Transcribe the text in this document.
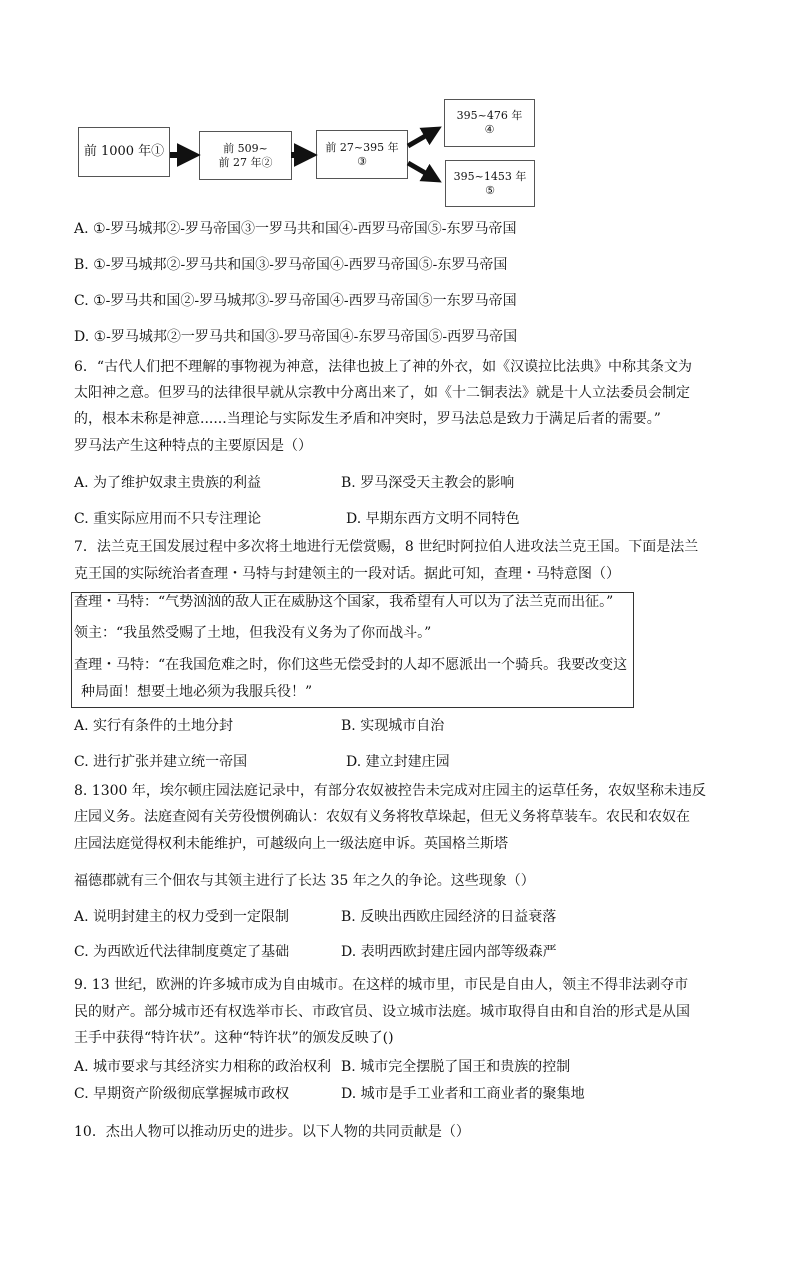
前 1000 年①	前 509~
前 27 年②
前 27~395 年
③
395~476 年
④
395~1453 年
⑤
A. ①-罗马城邦②-罗马帝国③一罗马共和国④-西罗马帝国⑤-东罗马帝国
B. ①-罗马城邦②-罗马共和国③-罗马帝国④-西罗马帝国⑤-东罗马帝国
C. ①-罗马共和国②-罗马城邦③-罗马帝国④-西罗马帝国⑤一东罗马帝国
D. ①-罗马城邦②一罗马共和国③-罗马帝国④-东罗马帝国⑤-西罗马帝国
6．“古代人们把不理解的事物视为神意，法律也披上了神的外衣，如《汉谟拉比法典》中称其条文为
太阳神之意。但罗马的法律很早就从宗教中分离出来了，如《十二铜表法》就是十人立法委员会制定
的，根本未称是神意......当理论与实际发生矛盾和冲突时，罗马法总是致力于满足后者的需要。”
罗马法产生这种特点的主要原因是（）
A. 为了维护奴隶主贵族的利益	B. 罗马深受天主教会的影响
C. 重实际应用而不只专注理论	D. 早期东西方文明不同特色
7．法兰克王国发展过程中多次将土地进行无偿赏赐，8 世纪时阿拉伯人进攻法兰克王国。下面是法兰
克王国的实际统治者查理・马特与封建领主的一段对话。据此可知，查理・马特意图（）
查理・马特：“气势汹汹的敌人正在威胁这个国家，我希望有人可以为了法兰克而出征。”
领主：“我虽然受赐了土地，但我没有义务为了你而战斗。”
查理・马特：“在我国危难之时，你们这些无偿受封的人却不愿派出一个骑兵。我要改变这
种局面！想要土地必须为我服兵役！”
A. 实行有条件的土地分封	B. 实现城市自治
C. 进行扩张并建立统一帝国	D. 建立封建庄园
8. 1300 年，埃尔顿庄园法庭记录中，有部分农奴被控告未完成对庄园主的运草任务，农奴坚称未违反
庄园义务。法庭查阅有关劳役惯例确认：农奴有义务将牧草垛起，但无义务将草装车。农民和农奴在
庄园法庭觉得权利未能维护，可越级向上一级法庭申诉。英国格兰斯塔
福德郡就有三个佃农与其领主进行了长达 35 年之久的争论。这些现象（）
A. 说明封建主的权力受到一定限制	B. 反映出西欧庄园经济的日益衰落
C. 为西欧近代法律制度奠定了基础	D. 表明西欧封建庄园内部等级森严
9. 13 世纪，欧洲的许多城市成为自由城市。在这样的城市里，市民是自由人，领主不得非法剥夺市
民的财产。部分城市还有权选举市长、市政官员、设立城市法庭。城市取得自由和自治的形式是从国
王手中获得“特许状”。这种“特许状”的颁发反映了()
A. 城市要求与其经济实力相称的政治权利 B. 城市完全摆脱了国王和贵族的控制
C. 早期资产阶级彻底掌握城市政权	D. 城市是手工业者和工商业者的聚集地
10．杰出人物可以推动历史的进步。以下人物的共同贡献是（）
